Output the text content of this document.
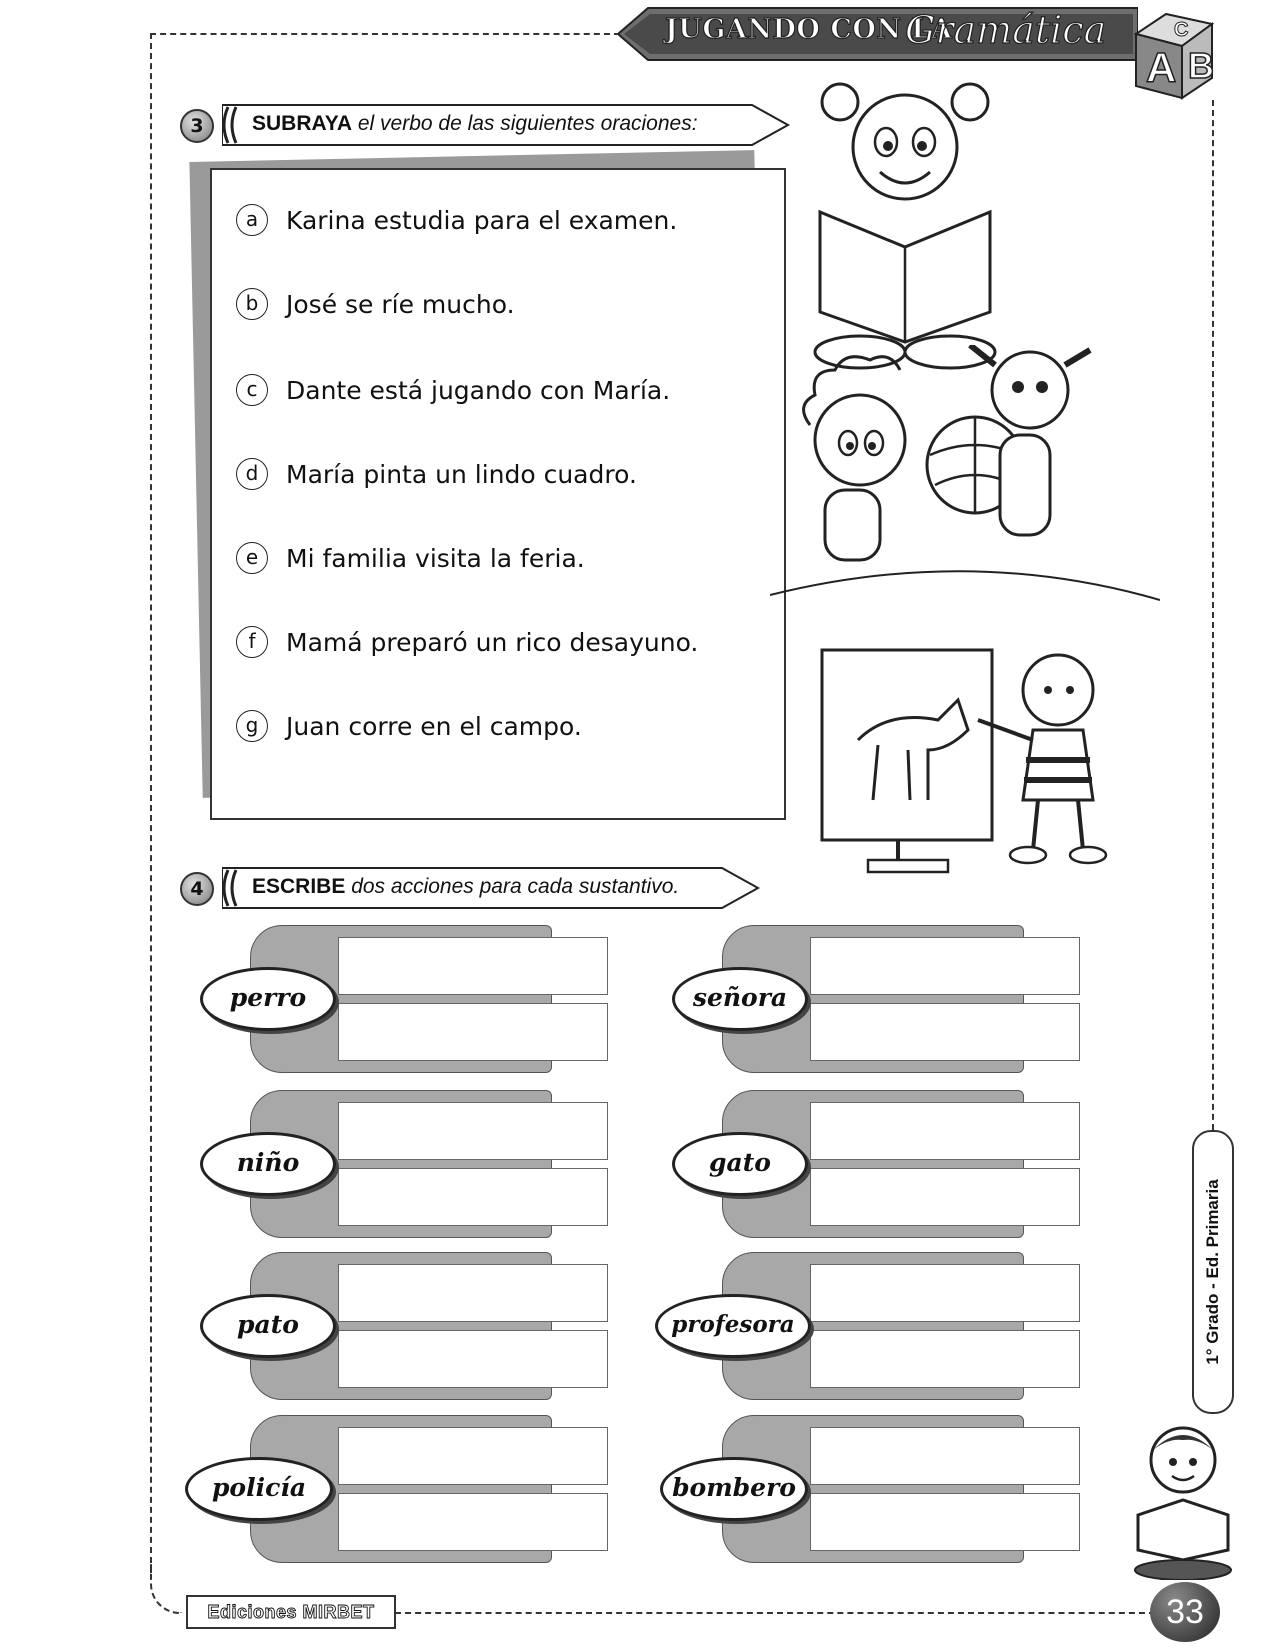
JUGANDO CON LA
Gramática	C
A B
3	SUBRAYA el verbo de las siguientes oraciones:
a	Karina estudia para el examen.
b	José se ríe mucho.
c	Dante está jugando con María.
d	María pinta un lindo cuadro.
e	Mi familia visita la feria.
f	Mamá preparó un rico desayuno.
g	Juan corre en el campo.
4	ESCRIBE dos acciones para cada sustantivo.
perro
niño
pato
policía
señora
gato
profesora
bombero
1° Grado - Ed. Primaria
Ediciones MIRBET	33
